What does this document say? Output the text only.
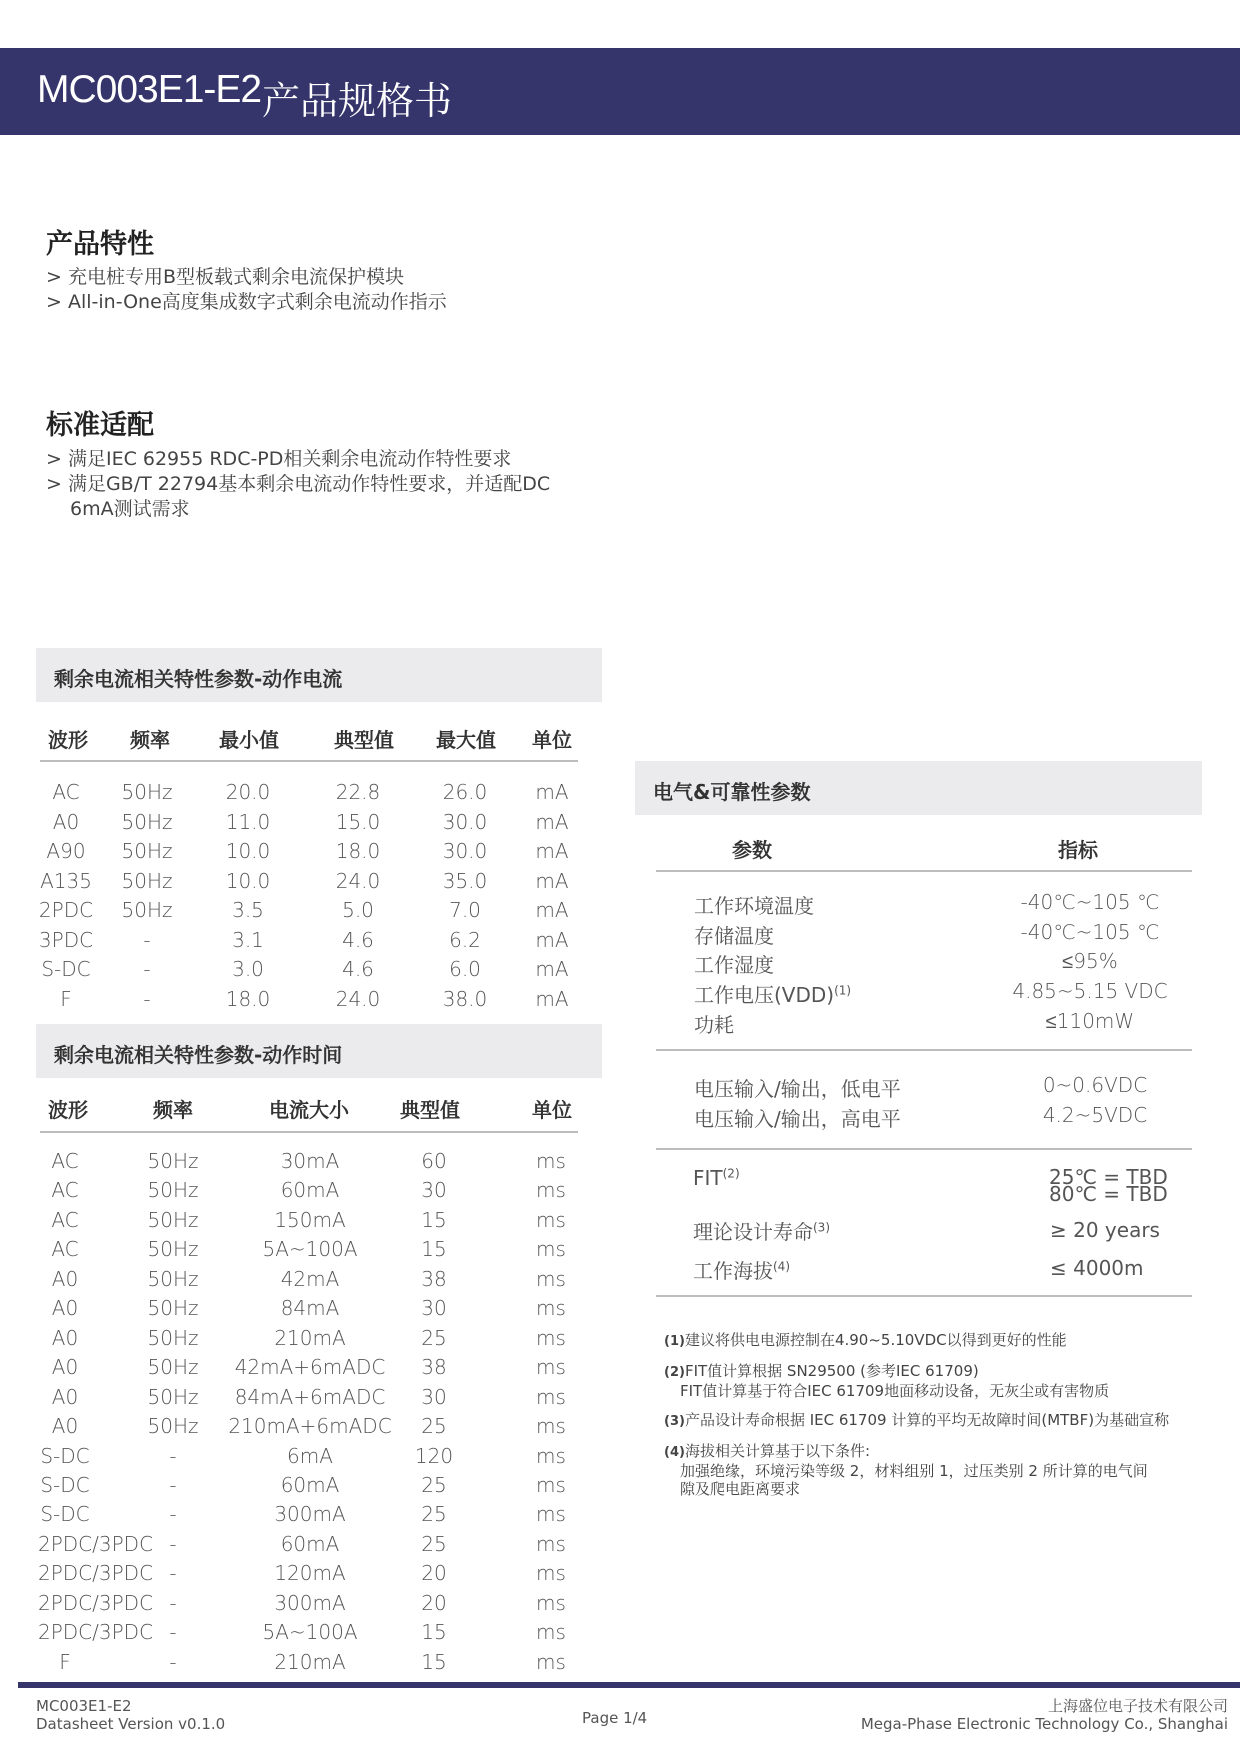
MC003E1-E2 产品规格书
产品特性
> 充电桩专用B型板载式剩余电流保护模块
> All-in-One高度集成数字式剩余电流动作指示
标准适配
> 满足IEC 62955 RDC-PD相关剩余电流动作特性要求
> 满足GB/T 22794基本剩余电流动作特性要求，并适配DC
6mA测试需求
剩余电流相关特性参数-动作电流
波形 频率 最小值	典型值 最大值 单位
AC	50Hz	20.0	22.8	26.0	mA
A0	50Hz	11.0	15.0	30.0	mA
A90	50Hz	10.0	18.0	30.0	mA
A135 50Hz	10.0	24.0	35.0	mA
2PDC 50Hz	3.5	5.0	7.0	mA
3PDC	-	3.1	4.6	6.2	mA
S-DC	-	3.0	4.6	6.0	mA
F	-	18.0	24.0	38.0	mA
剩余电流相关特性参数-动作时间
波形	频率	电流大小	典型值	单位
AC	50Hz	30mA	60	ms
AC	50Hz	60mA	30	ms
AC	50Hz	150mA	15	ms
AC	50Hz	5A~100A	15	ms
A0	50Hz	42mA	38	ms
A0	50Hz	84mA	30	ms
A0	50Hz	210mA	25	ms
A0	50Hz	42mA+6mADC	38	ms
A0	50Hz	84mA+6mADC	30	ms
A0	50Hz	210mA+6mADC	25	ms
S-DC	-	6mA	120	ms
S-DC	-	60mA	25	ms
S-DC	-	300mA	25	ms
2PDC/3PDC -	60mA	25	ms
2PDC/3PDC -	120mA	20	ms
2PDC/3PDC -	300mA	20	ms
2PDC/3PDC -	5A~100A	15	ms
F	-	210mA	15	ms
电气&可靠性参数
参数	指标
工作环境温度	-40℃~105 ℃
存储温度	-40℃~105 ℃
工作湿度	≤95%
工作电压(VDD)$^{(1)}$	4.85~5.15 VDC
功耗	≤110mW
电压输入/输出，低电平	0~0.6VDC
电压输入/输出，高电平	4.2~5VDC
FIT$^{(2)}$	25℃ = TBD
80℃ = TBD
理论设计寿命$^{(3)}$	≥ 20 years
工作海拔$^{(4)}$	≤ 4000m
(1)建议将供电电源控制在4.90~5.10VDC以得到更好的性能
(2)FIT值计算根据 SN29500 (参考IEC 61709)
FIT值计算基于符合IEC 61709地面移动设备，无灰尘或有害物质
(3)产品设计寿命根据 IEC 61709 计算的平均无故障时间(MTBF)为基础宣称
(4)海拔相关计算基于以下条件:
加强绝缘，环境污染等级 2，材料组别 1，过压类别 2 所计算的电气间
隙及爬电距离要求
MC003E1-E2
Datasheet Version v0.1.0	Page 1/4
上海盛位电子技术有限公司
Mega-Phase Electronic Technology Co., Shanghai
